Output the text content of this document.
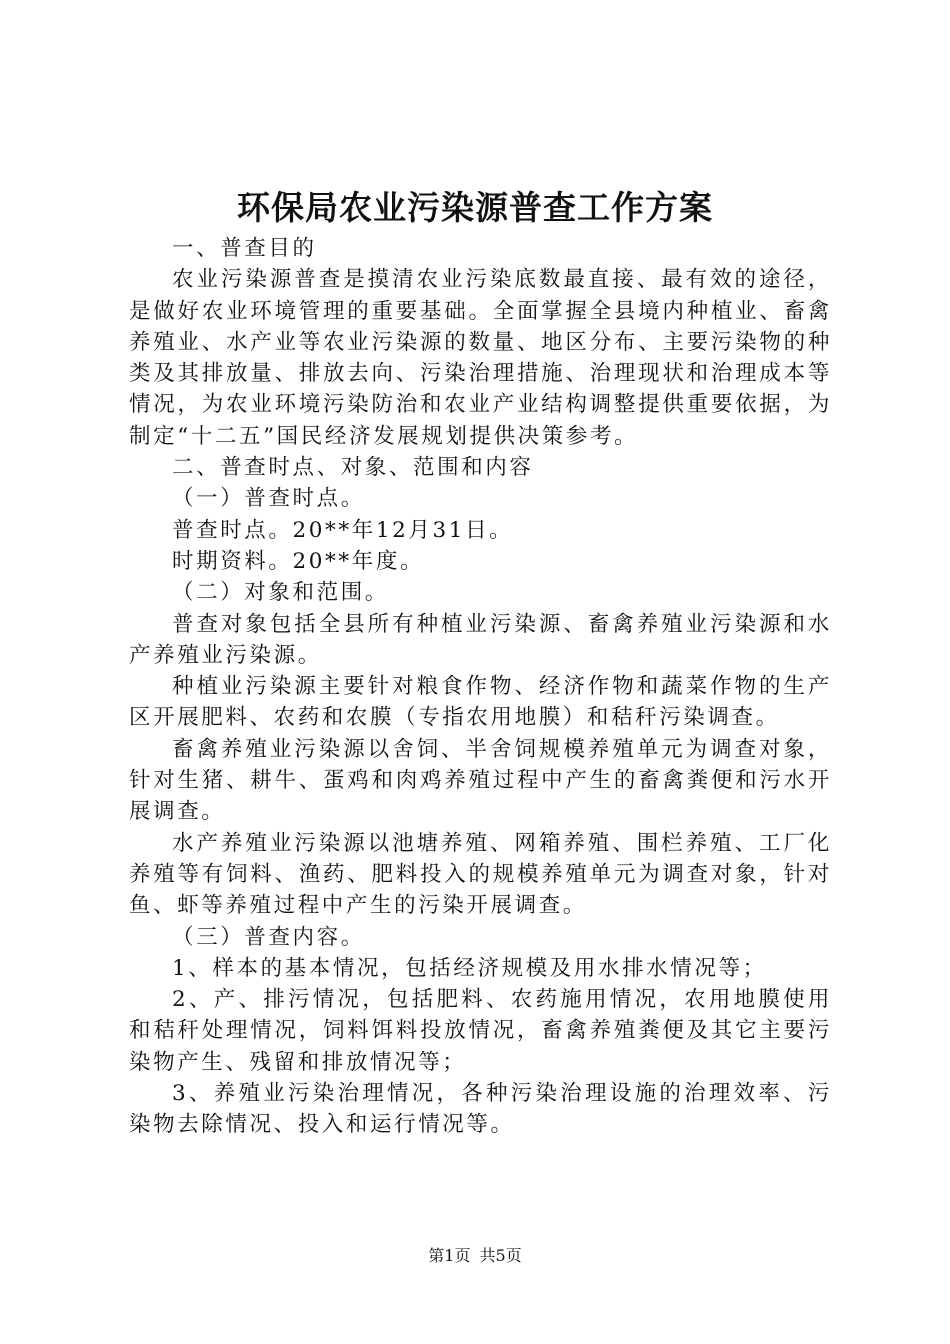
环保局农业污染源普查工作方案

一、普查目的

农业污染源普查是摸清农业污染底数最直接、最有效的途径，是做好农业环境管理的重要基础。全面掌握全县境内种植业、畜禽养殖业、水产业等农业污染源的数量、地区分布、主要污染物的种类及其排放量、排放去向、污染治理措施、治理现状和治理成本等情况，为农业环境污染防治和农业产业结构调整提供重要依据，为制定“十二五”国民经济发展规划提供决策参考。

二、普查时点、对象、范围和内容

（一）普查时点。

普查时点。20**年12月31日。

时期资料。20**年度。

（二）对象和范围。

普查对象包括全县所有种植业污染源、畜禽养殖业污染源和水产养殖业污染源。

种植业污染源主要针对粮食作物、经济作物和蔬菜作物的生产区开展肥料、农药和农膜（专指农用地膜）和秸秆污染调查。

畜禽养殖业污染源以舍饲、半舍饲规模养殖单元为调查对象，针对生猪、耕牛、蛋鸡和肉鸡养殖过程中产生的畜禽粪便和污水开展调查。

水产养殖业污染源以池塘养殖、网箱养殖、围栏养殖、工厂化养殖等有饲料、渔药、肥料投入的规模养殖单元为调查对象，针对鱼、虾等养殖过程中产生的污染开展调查。

（三）普查内容。

1、样本的基本情况，包括经济规模及用水排水情况等；

2、产、排污情况，包括肥料、农药施用情况，农用地膜使用和秸秆处理情况，饲料饵料投放情况，畜禽养殖粪便及其它主要污染物产生、残留和排放情况等；

3、养殖业污染治理情况，各种污染治理设施的治理效率、污染物去除情况、投入和运行情况等。

第1页 共5页
